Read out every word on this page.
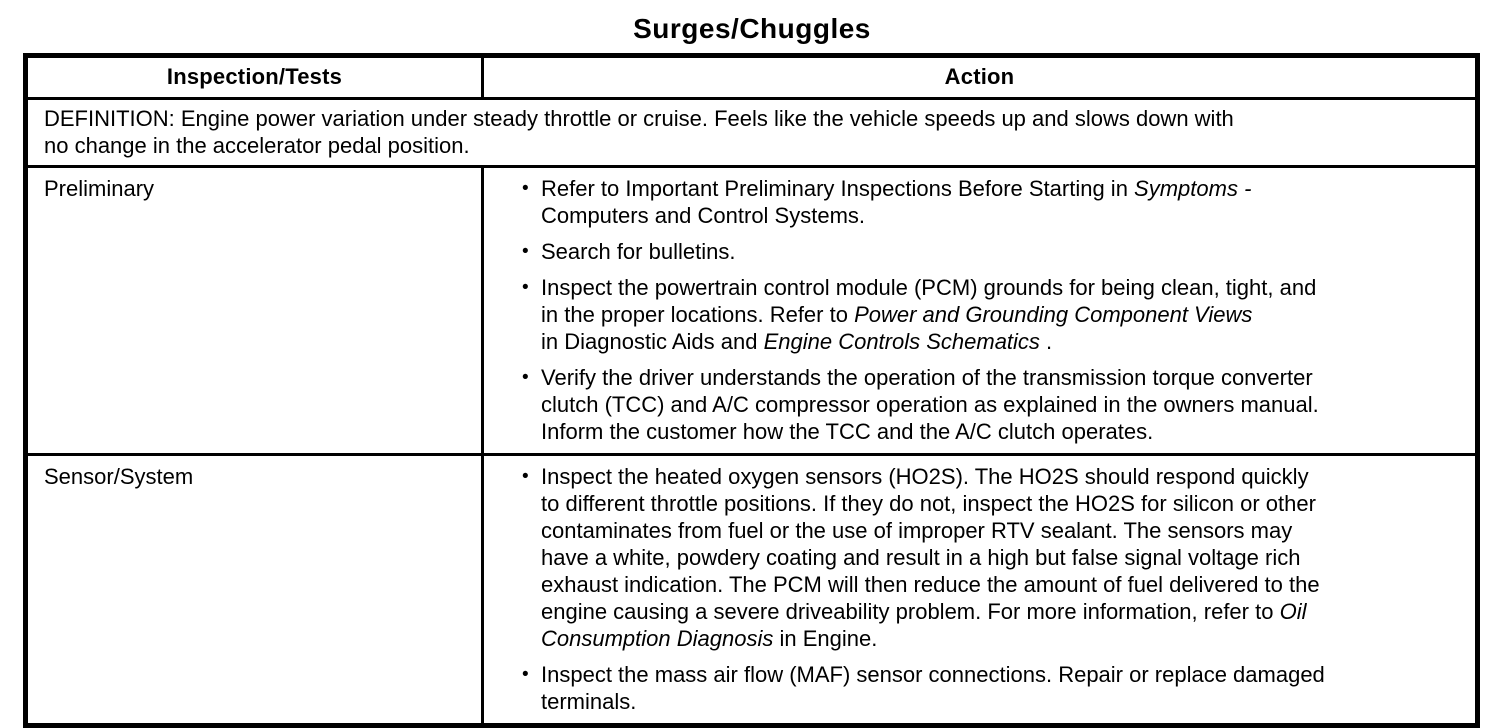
Surges/Chuggles
Inspection/Tests	Action

DEFINITION: Engine power variation under steady throttle or cruise. Feels like the vehicle speeds up and slows down with
no change in the accelerator pedal position.	

Preliminary	• Refer to Important Preliminary Inspections Before Starting in Symptoms -
Computers and Control Systems.
• Search for bulletins.
• Inspect the powertrain control module (PCM) grounds for being clean, tight, and
in the proper locations. Refer to Power and Grounding Component Views
in Diagnostic Aids and Engine Controls Schematics .
• Verify the driver understands the operation of the transmission torque converter
clutch (TCC) and A/C compressor operation as explained in the owners manual.
Inform the customer how the TCC and the A/C clutch operates.

Sensor/System	• Inspect the heated oxygen sensors (HO2S). The HO2S should respond quickly
to different throttle positions. If they do not, inspect the HO2S for silicon or other
contaminates from fuel or the use of improper RTV sealant. The sensors may
have a white, powdery coating and result in a high but false signal voltage rich
exhaust indication. The PCM will then reduce the amount of fuel delivered to the
engine causing a severe driveability problem. For more information, refer to Oil
Consumption Diagnosis in Engine.
• Inspect the mass air flow (MAF) sensor connections. Repair or replace damaged
terminals.
